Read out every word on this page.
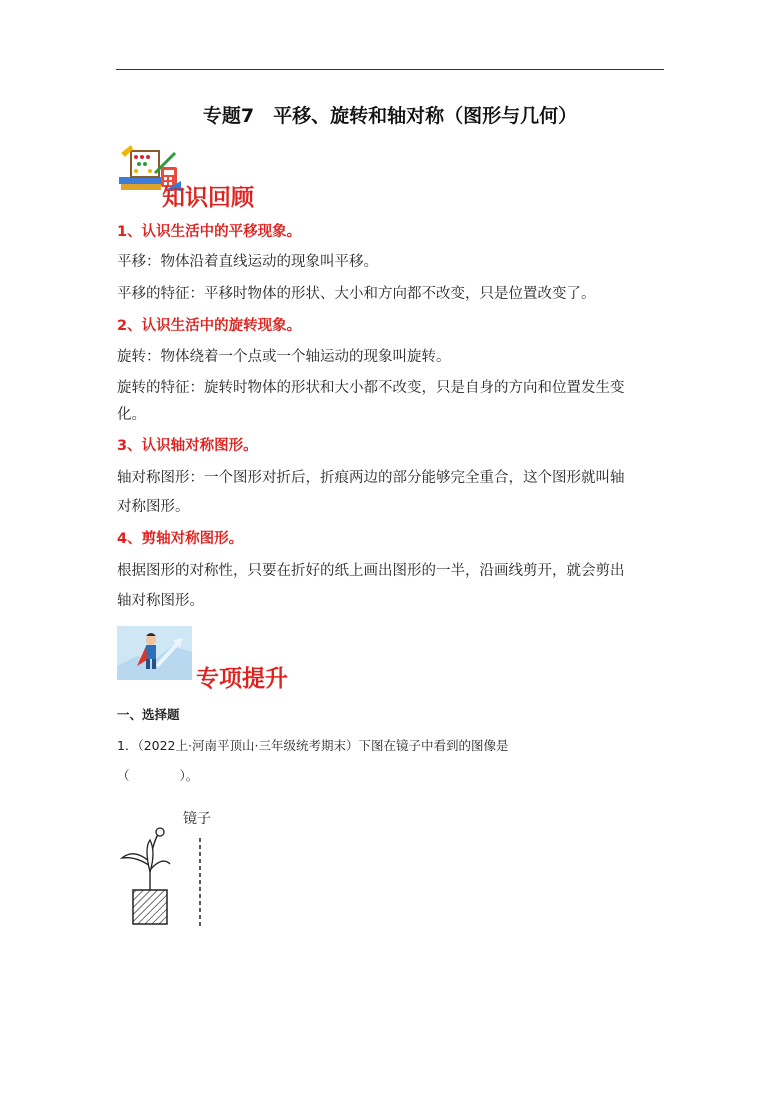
专题7　平移、旋转和轴对称（图形与几何）
知识回顾
1、认识生活中的平移现象。
平移：物体沿着直线运动的现象叫平移。
平移的特征：平移时物体的形状、大小和方向都不改变，只是位置改变了。
2、认识生活中的旋转现象。
旋转：物体绕着一个点或一个轴运动的现象叫旋转。
旋转的特征：旋转时物体的形状和大小都不改变，只是自身的方向和位置发生变
化。
3、认识轴对称图形。
轴对称图形：一个图形对折后，折痕两边的部分能够完全重合，这个图形就叫轴
对称图形。
4、剪轴对称图形。
根据图形的对称性，只要在折好的纸上画出图形的一半，沿画线剪开，就会剪出
轴对称图形。
专项提升
一、选择题
1．（2022上·河南平顶山·三年级统考期末）下图在镜子中看到的图像是
（　　　　）。
镜子
